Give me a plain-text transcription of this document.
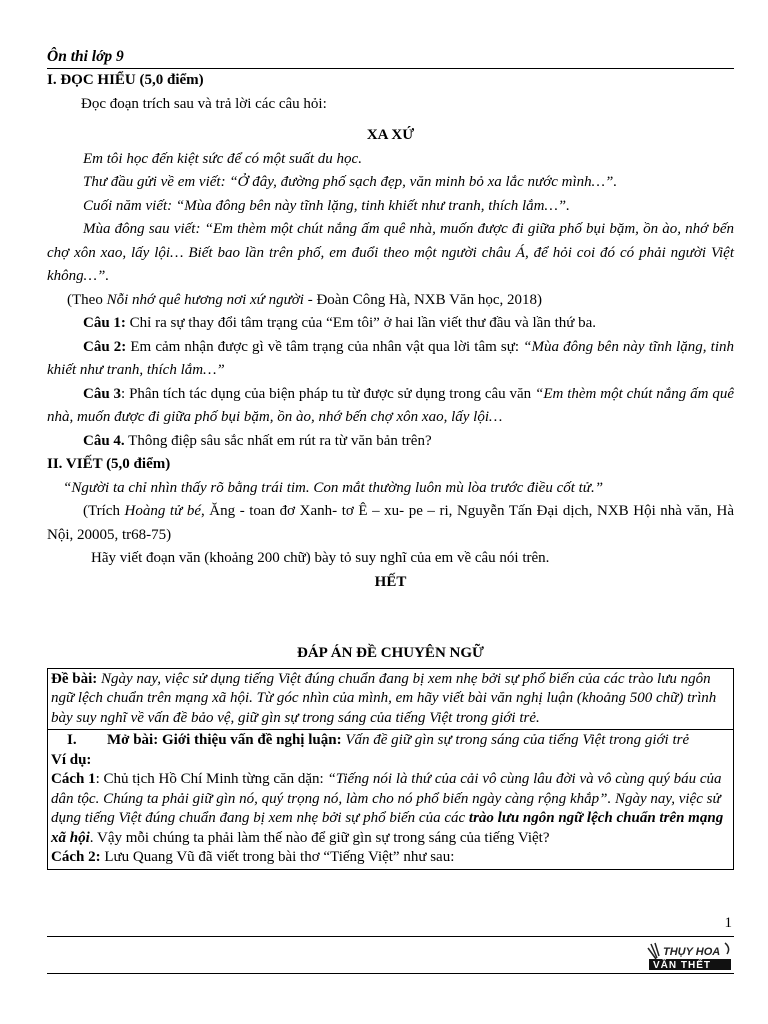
Ôn thi lớp 9

I. ĐỌC HIỂU (5,0 điểm)

Đọc đoạn trích sau và trả lời các câu hỏi:

XA XỨ

Em tôi học đến kiệt sức để có một suất du học.

Thư đầu gửi về em viết: “Ở đây, đường phố sạch đẹp, văn minh bỏ xa lắc nước mình…”.

Cuối năm viết: “Mùa đông bên này tĩnh lặng, tinh khiết như tranh, thích lắm…”.

Mùa đông sau viết: “Em thèm một chút nắng ấm quê nhà, muốn được đi giữa phố bụi bặm, ồn ào, nhớ bến chợ xôn xao, lấy lội… Biết bao lần trên phố, em đuổi theo một người châu Á, để hỏi coi đó có phải người Việt không…”.

(Theo Nỗi nhớ quê hương nơi xứ người - Đoàn Công Hà, NXB Văn học, 2018)

Câu 1: Chỉ ra sự thay đổi tâm trạng của “Em tôi” ở hai lần viết thư đầu và lần thứ ba.

Câu 2: Em cảm nhận được gì về tâm trạng của nhân vật qua lời tâm sự: “Mùa đông bên này tĩnh lặng, tinh khiết như tranh, thích lắm…”

Câu 3: Phân tích tác dụng của biện pháp tu từ được sử dụng trong câu văn “Em thèm một chút nắng ấm quê nhà, muốn được đi giữa phố bụi bặm, ồn ào, nhớ bến chợ xôn xao, lấy lội…

Câu 4. Thông điệp sâu sắc nhất em rút ra từ văn bản trên?

II. VIẾT (5,0 điểm)

“Người ta chỉ nhìn thấy rõ bằng trái tim. Con mắt thường luôn mù lòa trước điều cốt tử.”

(Trích Hoàng tử bé, Ăng - toan đơ Xanh- tơ Ê – xu- pe – ri, Nguyễn Tấn Đại dịch, NXB Hội nhà văn, Hà Nội, 20005, tr68-75)

Hãy viết đoạn văn (khoảng 200 chữ) bày tỏ suy nghĩ của em về câu nói trên.

HẾT

ĐÁP ÁN ĐỀ CHUYÊN NGỮ

Đề bài: Ngày nay, việc sử dụng tiếng Việt đúng chuẩn đang bị xem nhẹ bởi sự phổ biến của các trào lưu ngôn ngữ lệch chuẩn trên mạng xã hội. Từ góc nhìn của mình, em hãy viết bài văn nghị luận (khoảng 500 chữ) trình bày suy nghĩ về vấn đề bảo vệ, giữ gìn sự trong sáng của tiếng Việt trong giới trẻ.
I.	Mở bài: Giới thiệu vấn đề nghị luận: Vấn đề giữ gìn sự trong sáng của tiếng Việt trong giới trẻ

Ví dụ:

Cách 1: Chủ tịch Hồ Chí Minh từng căn dặn: “Tiếng nói là thứ của cải vô cùng lâu đời và vô cùng quý báu của dân tộc. Chúng ta phải giữ gìn nó, quý trọng nó, làm cho nó phổ biến ngày càng rộng khắp”. Ngày nay, việc sử dụng tiếng Việt đúng chuẩn đang bị xem nhẹ bởi sự phổ biến của các trào lưu ngôn ngữ lệch chuẩn trên mạng xã hội. Vậy mỗi chúng ta phải làm thế nào để giữ gìn sự trong sáng của tiếng Việt?

Cách 2: Lưu Quang Vũ đã viết trong bài thơ “Tiếng Việt” như sau:

1
THỤY HOA
VĂN THẾT
